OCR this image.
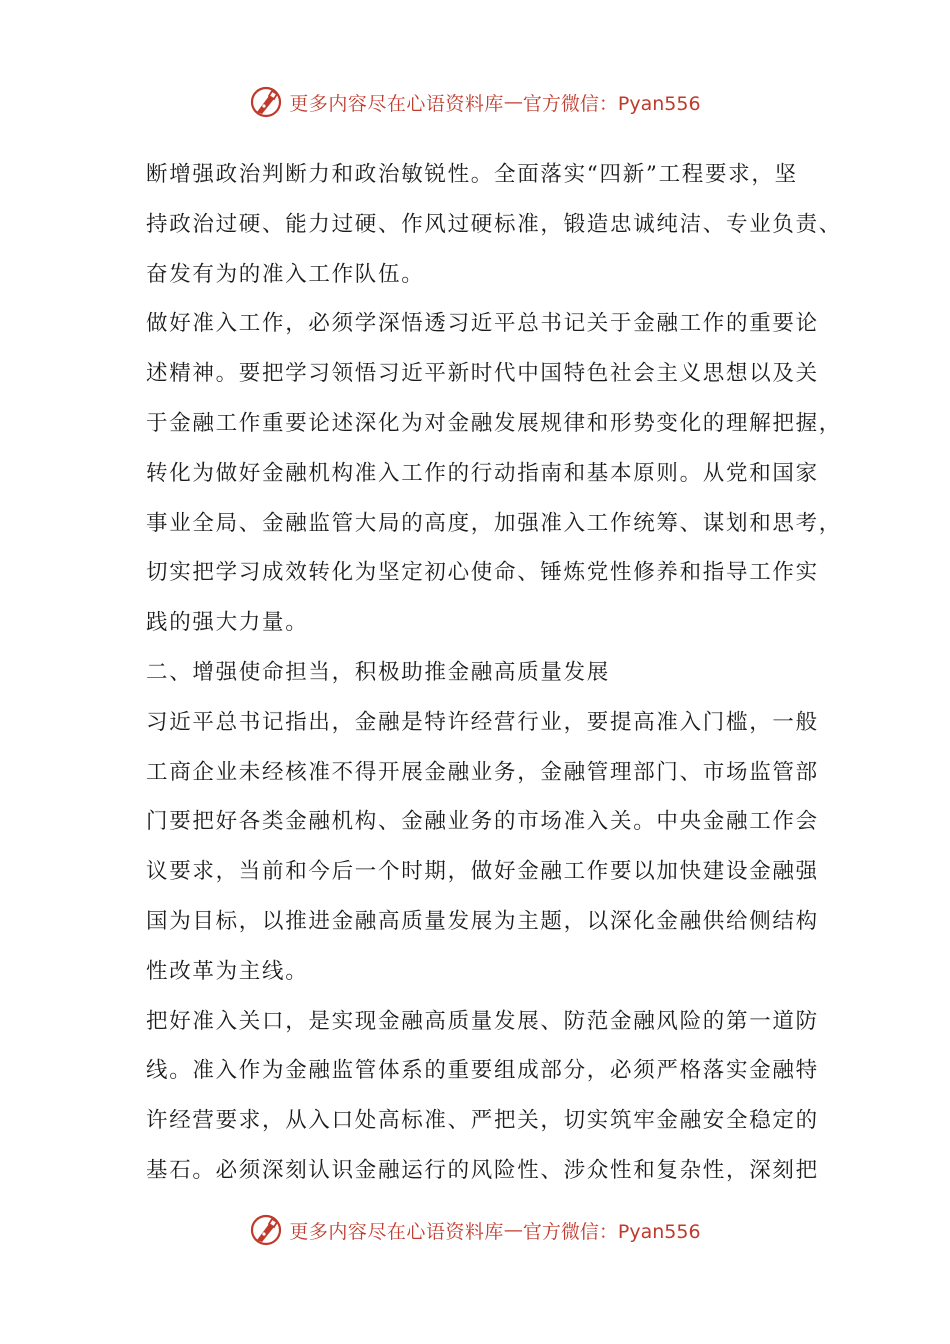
更多内容尽在心语资料库 — 官方微信：Pyan556
断增强政治判断力和政治敏锐性。全面落实“四新”工程要求，坚
持政治过硬、能力过硬、作风过硬标准，锻造忠诚纯洁、专业负责、
奋发有为的准入工作队伍。
做好准入工作，必须学深悟透习近平总书记关于金融工作的重要论
述精神。要把学习领悟习近平新时代中国特色社会主义思想以及关
于金融工作重要论述深化为对金融发展规律和形势变化的理解把握，
转化为做好金融机构准入工作的行动指南和基本原则。从党和国家
事业全局、金融监管大局的高度，加强准入工作统筹、谋划和思考，
切实把学习成效转化为坚定初心使命、锤炼党性修养和指导工作实
践的强大力量。
二、增强使命担当，积极助推金融高质量发展
习近平总书记指出，金融是特许经营行业，要提高准入门槛，一般
工商企业未经核准不得开展金融业务，金融管理部门、市场监管部
门要把好各类金融机构、金融业务的市场准入关。中央金融工作会
议要求，当前和今后一个时期，做好金融工作要以加快建设金融强
国为目标，以推进金融高质量发展为主题，以深化金融供给侧结构
性改革为主线。
把好准入关口，是实现金融高质量发展、防范金融风险的第一道防
线。准入作为金融监管体系的重要组成部分，必须严格落实金融特
许经营要求，从入口处高标准、严把关，切实筑牢金融安全稳定的
基石。必须深刻认识金融运行的风险性、涉众性和复杂性，深刻把
更多内容尽在心语资料库 — 官方微信：Pyan556
